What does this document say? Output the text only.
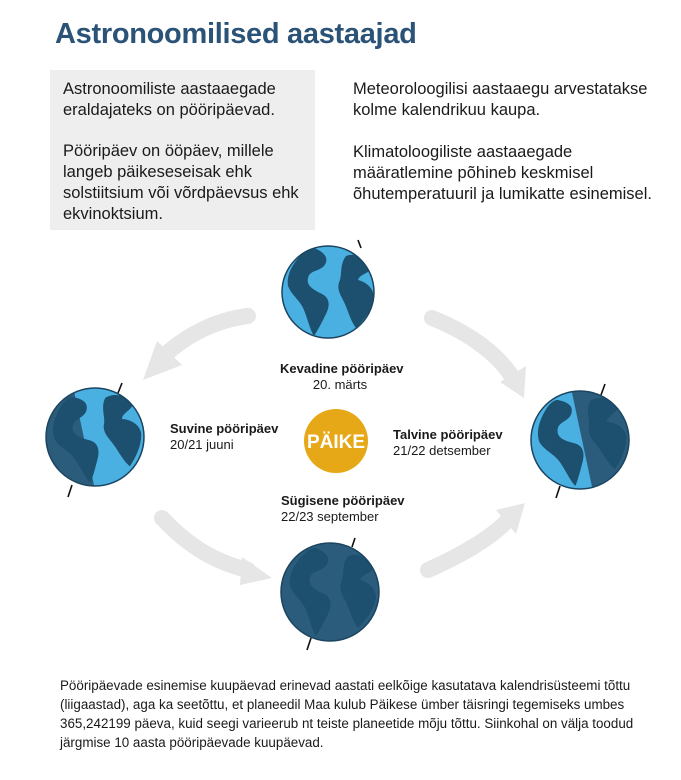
Astronoomilised aastaajad

Astronoomiliste aastaaegade eraldajateks on pööripäevad.

Pööripäev on ööpäev, millele langeb päikeseseisak ehk solstiitsium või võrdpäevsus ehk ekvinoktsium.

Meteoroloogilisi aastaaegu arvestatakse kolme kalendrikuu kaupa.

Klimatoloogiliste aastaaegade määratlemine põhineb keskmisel õhutemperatuuril ja lumikatte esinemisel.

PÄIKE
Kevadine pööripäev
20. märts
Suvine pööripäev
20/21 juuni
Talvine pööripäev
21/22 detsember
Sügisene pööripäev
22/23 september

Pööripäevade esinemise kuupäevad erinevad aastati eelkõige kasutatava kalendrisüsteemi tõttu (liigaastad), aga ka seetõttu, et planeedil Maa kulub Päikese ümber täisringi tegemiseks umbes 365,242199 päeva, kuid seegi varieerub nt teiste planeetide mõju tõttu. Siinkohal on välja toodud järgmise 10 aasta pööripäevade kuupäevad.
